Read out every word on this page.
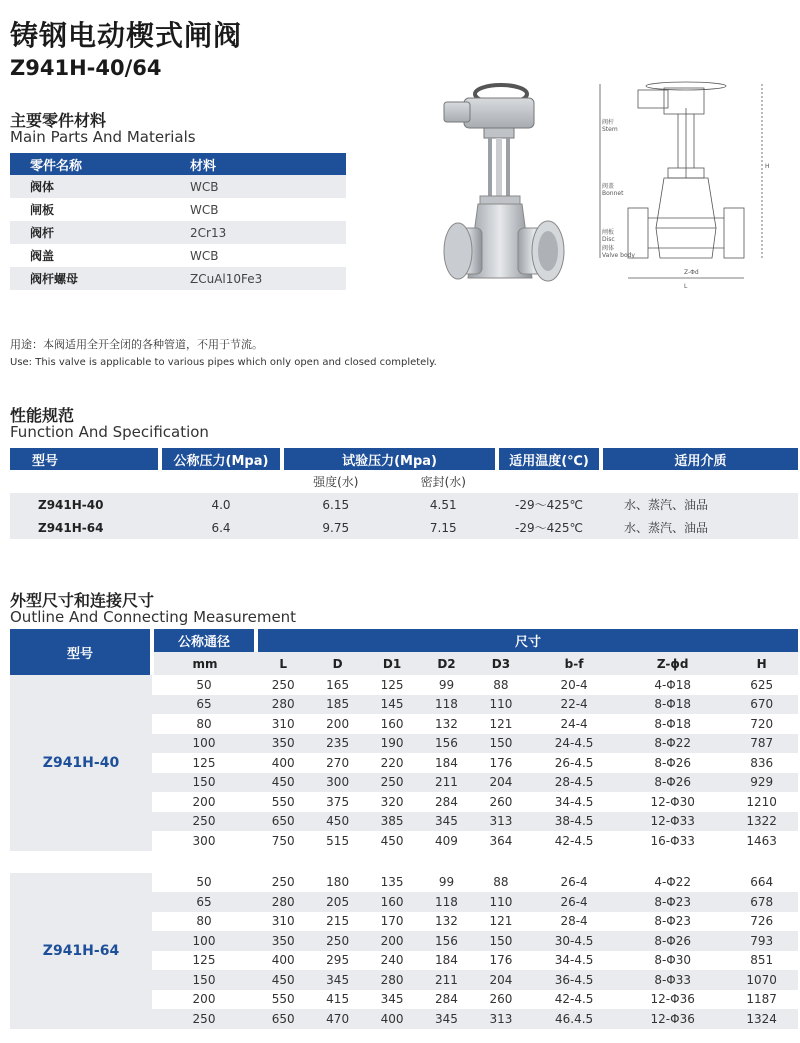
铸钢电动楔式闸阀
Z941H-40/64
主要零件材料
Main Parts And Materials
零件名称	材料
阀体	WCB
闸板	WCB
阀杆	2Cr13
阀盖	WCB
阀杆螺母	ZCuAl10Fe3
阀杆
Stem
阀盖
Bonnet
闸板
Disc
阀体
Valve body
Z-Φd
L
H
用途：本阀适用全开全闭的各种管道，不用于节流。
Use: This valve is applicable to various pipes which only open and closed completely.
性能规范
Function And Specification
型号	公称压力(Mpa)	试验压力(Mpa)		适用温度(℃)	适用介质
		强度(水)	密封(水)		
Z941H-40	4.0	6.15	4.51	-29～425℃	水、蒸汽、油品
Z941H-64	6.4	9.75	7.15	-29～425℃	水、蒸汽、油品
外型尺寸和连接尺寸
Outline And Connecting Measurement
型号	公称通径	尺寸							
	mm	L	D	D1	D2	D3	b-f	Z-ϕd	H
Z941H-40	50	250	165	125	99	88	20-4	4-Φ18	625
	65	280	185	145	118	110	22-4	8-Φ18	670
	80	310	200	160	132	121	24-4	8-Φ18	720
	100	350	235	190	156	150	24-4.5	8-Φ22	787
	125	400	270	220	184	176	26-4.5	8-Φ26	836
	150	450	300	250	211	204	28-4.5	8-Φ26	929
	200	550	375	320	284	260	34-4.5	12-Φ30	1210
	250	650	450	385	345	313	38-4.5	12-Φ33	1322
	300	750	515	450	409	364	42-4.5	16-Φ33	1463

Z941H-64	50	250	180	135	99	88	26-4	4-Φ22	664
	65	280	205	160	118	110	26-4	8-Φ23	678
	80	310	215	170	132	121	28-4	8-Φ23	726
	100	350	250	200	156	150	30-4.5	8-Φ26	793
	125	400	295	240	184	176	34-4.5	8-Φ30	851
	150	450	345	280	211	204	36-4.5	8-Φ33	1070
	200	550	415	345	284	260	42-4.5	12-Φ36	1187
	250	650	470	400	345	313	46.4.5	12-Φ36	1324
